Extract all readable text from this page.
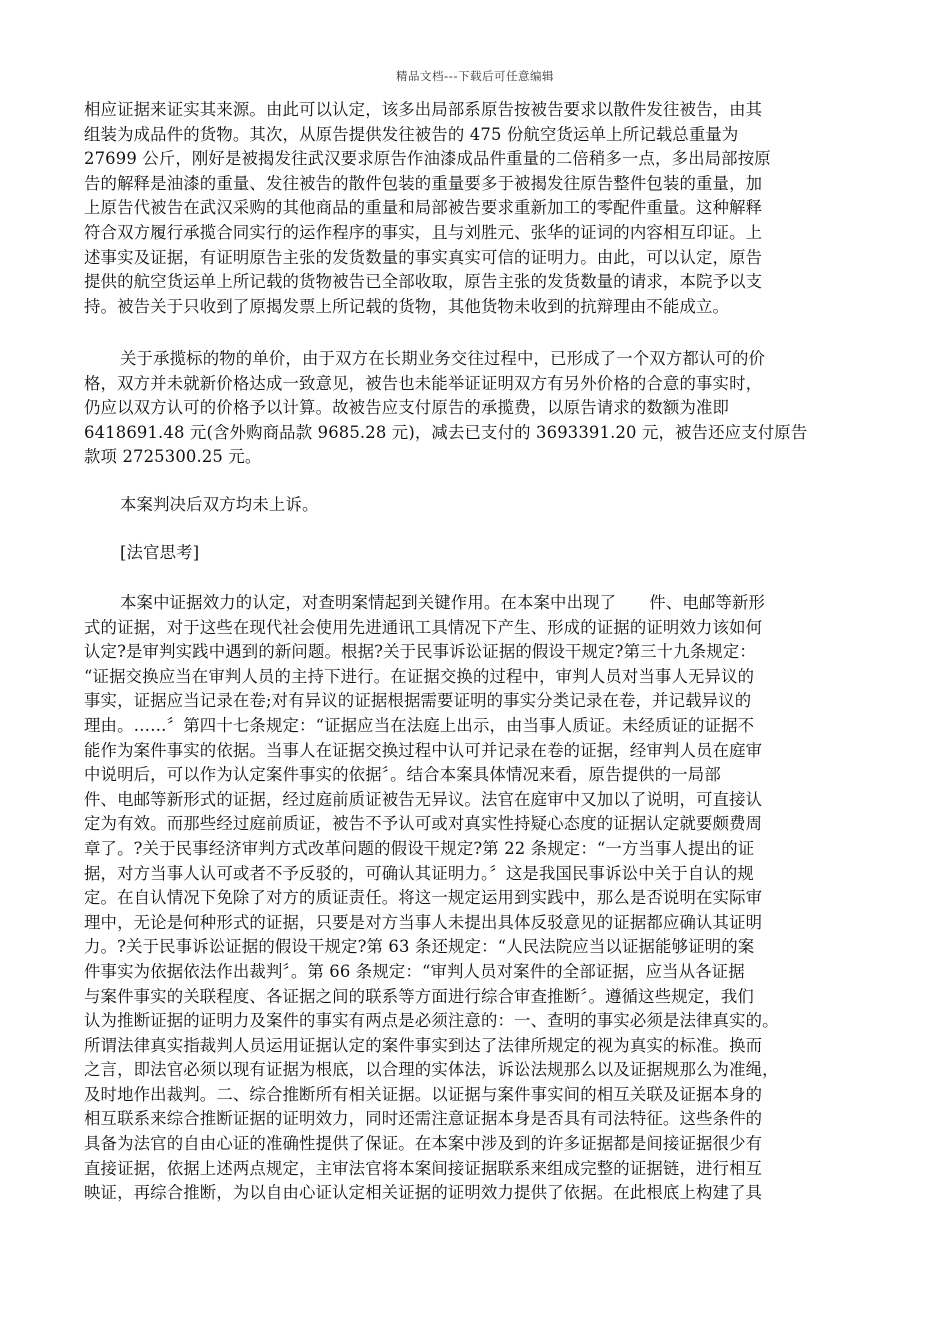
精品文档---下载后可任意编辑
相应证据来证实其来源。由此可以认定，该多出局部系原告按被告要求以散件发往被告，由其
组装为成品件的货物。其次，从原告提供发往被告的 475 份航空货运单上所记载总重量为
27699 公斤，刚好是被揭发往武汉要求原告作油漆成品件重量的二倍稍多一点，多出局部按原
告的解释是油漆的重量、发往被告的散件包装的重量要多于被揭发往原告整件包装的重量，加
上原告代被告在武汉采购的其他商品的重量和局部被告要求重新加工的零配件重量。这种解释
符合双方履行承揽合同实行的运作程序的事实，且与刘胜元、张华的证词的内容相互印证。上
述事实及证据，有证明原告主张的发货数量的事实真实可信的证明力。由此，可以认定，原告
提供的航空货运单上所记载的货物被告已全部收取，原告主张的发货数量的请求，本院予以支
持。被告关于只收到了原揭发票上所记载的货物，其他货物未收到的抗辩理由不能成立。
关于承揽标的物的单价，由于双方在长期业务交往过程中，已形成了一个双方都认可的价
格，双方并未就新价格达成一致意见，被告也未能举证证明双方有另外价格的合意的事实时，
仍应以双方认可的价格予以计算。故被告应支付原告的承揽费，以原告请求的数额为准即
6418691.48 元(含外购商品款 9685.28 元)，减去已支付的 3693391.20 元，被告还应支付原告
款项 2725300.25 元。
本案判决后双方均未上诉。
[法官思考]
本案中证据效力的认定，对查明案情起到关键作用。在本案中出现了　　件、电邮等新形
式的证据，对于这些在现代社会使用先进通讯工具情况下产生、形成的证据的证明效力该如何
认定?是审判实践中遇到的新问题。根据?关于民事诉讼证据的假设干规定?第三十九条规定：
“证据交换应当在审判人员的主持下进行。在证据交换的过程中，审判人员对当事人无异议的
事实，证据应当记录在卷;对有异议的证据根据需要证明的事实分类记录在卷，并记载异议的
理由。……〞第四十七条规定：“证据应当在法庭上出示，由当事人质证。未经质证的证据不
能作为案件事实的依据。当事人在证据交换过程中认可并记录在卷的证据，经审判人员在庭审
中说明后，可以作为认定案件事实的依据〞。结合本案具体情况来看，原告提供的一局部
件、电邮等新形式的证据，经过庭前质证被告无异议。法官在庭审中又加以了说明，可直接认
定为有效。而那些经过庭前质证，被告不予认可或对真实性持疑心态度的证据认定就要颇费周
章了。?关于民事经济审判方式改革问题的假设干规定?第 22 条规定：“一方当事人提出的证
据，对方当事人认可或者不予反驳的，可确认其证明力。〞这是我国民事诉讼中关于自认的规
定。在自认情况下免除了对方的质证责任。将这一规定运用到实践中，那么是否说明在实际审
理中，无论是何种形式的证据，只要是对方当事人未提出具体反驳意见的证据都应确认其证明
力。?关于民事诉讼证据的假设干规定?第 63 条还规定：“人民法院应当以证据能够证明的案
件事实为依据依法作出裁判〞。第 66 条规定：“审判人员对案件的全部证据，应当从各证据
与案件事实的关联程度、各证据之间的联系等方面进行综合审查推断〞。遵循这些规定，我们
认为推断证据的证明力及案件的事实有两点是必须注意的：一、查明的事实必须是法律真实的。
所谓法律真实指裁判人员运用证据认定的案件事实到达了法律所规定的视为真实的标准。换而
之言，即法官必须以现有证据为根底，以合理的实体法，诉讼法规那么以及证据规那么为准绳，
及时地作出裁判。二、综合推断所有相关证据。以证据与案件事实间的相互关联及证据本身的
相互联系来综合推断证据的证明效力，同时还需注意证据本身是否具有司法特征。这些条件的
具备为法官的自由心证的准确性提供了保证。在本案中涉及到的许多证据都是间接证据很少有
直接证据，依据上述两点规定，主审法官将本案间接证据联系来组成完整的证据链，进行相互
映证，再综合推断，为以自由心证认定相关证据的证明效力提供了依据。在此根底上构建了具
